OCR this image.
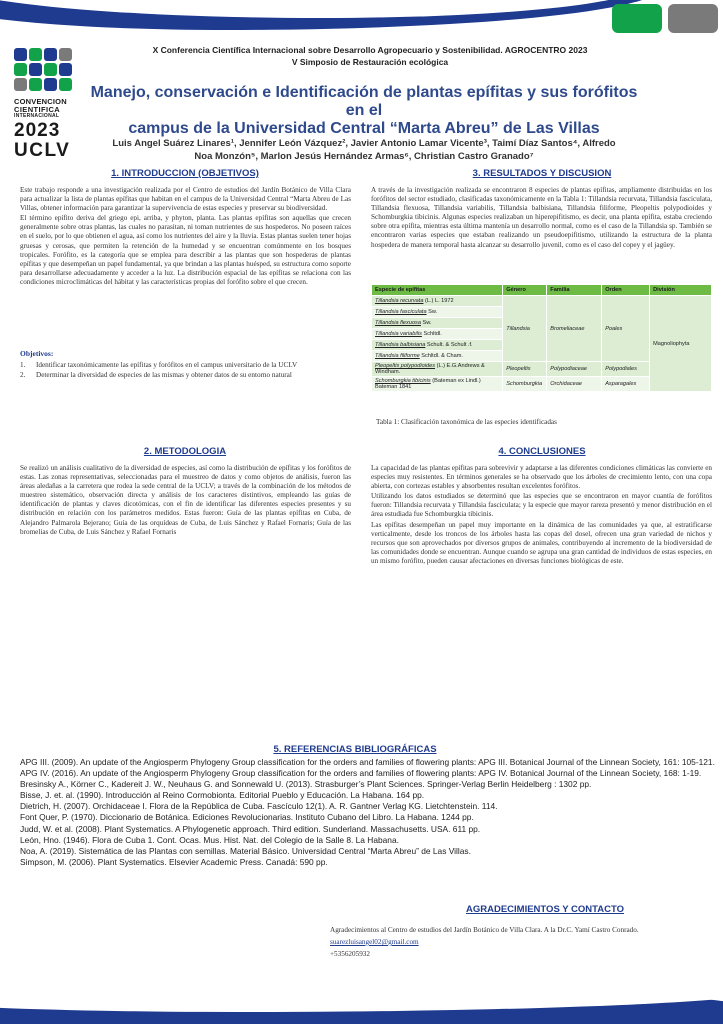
CONVENCION
CIENTIFICA
INTERNACIONAL
2023
UCLV
X Conferencia Científica Internacional sobre Desarrollo Agropecuario y Sostenibilidad. AGROCENTRO 2023
V Simposio de Restauración ecológica
Manejo, conservación e Identificación de plantas epífitas y sus forófitos en el
campus de la Universidad Central “Marta Abreu” de Las Villas
Luis Angel Suárez Linares¹, Jennifer León Vázquez², Javier Antonio Lamar Vicente³, Taimí Díaz Santos⁴, Alfredo
Noa Monzón⁵, Marlon Jesús Hernández Armas⁶, Christian Castro Granado⁷
1. INTRODUCCION (OBJETIVOS)

Este trabajo responde a una investigación realizada por el Centro de estudios del Jardín Botánico de Villa Clara para actualizar la lista de plantas epífitas que habitan en el campus de la Universidad Central “Marta Abreu de Las Villas, obtener información para garantizar la supervivencia de estas especies y preservar su biodiversidad.

El término epífito deriva del griego epi, arriba, y phyton, planta. Las plantas epífitas son aquellas que crecen generalmente sobre otras plantas, las cuales no parasitan, ni toman nutrientes de sus hospederos. No poseen raíces en el suelo, por lo que obtienen el agua, así como los nutrientes del aire y la lluvia. Estas plantas suelen tener hojas gruesas y cerosas, que permiten la retención de la humedad y se encuentran comúnmente en los bosques tropicales. Forófito, es la categoría que se emplea para describir a las plantas que son hospederas de plantas epífitas y que desempeñan un papel fundamental, ya que brindan a las plantas huésped, su estructura como soporte para desarrollarse adecuadamente y acceder a la luz. La distribución espacial de las epífitas se relaciona con las condiciones microclimáticas del hábitat y las características propias del forófito sobre el que crecen.

Objetivos:
1.	Identificar taxonómicamente las epífitas y forófitos en el campus universitario de la UCLV
2.	Determinar la diversidad de especies de las mismas y obtener datos de su entorno natural
3. RESULTADOS Y DISCUSION

A través de la investigación realizada se encontraron 8 especies de plantas epífitas, ampliamente distribuidas en los forófitos del sector estudiado, clasificadas taxonómicamente en la Tabla 1: Tillandsia recurvata, Tillandsia fasciculata, Tillandsia flexuosa, Tillandsia variabilis, Tillandsia balbisiana, Tillandsia filiforme, Pleopeltis polypodioides y Schomburgkia tibicinis. Algunas especies realizaban un hiperepifitismo, es decir, una planta epífita, estaba creciendo sobre otra epífita, mientras esta última mantenía un desarrollo normal, como es el caso de la Tillandsia sp. También se encontraron varias especies que estaban realizando un pseudoepifitismo, utilizando la estructura de la planta hospedera de manera temporal hasta alcanzar su desarrollo juvenil, como es el caso del copey y el jagüey.

Especie de epífitas	Género	Familia	Orden	División
Tillandsia recurvata (L.) L. 1972	Tillandsia	Bromeliaceae	Poales	Magnoliophyta
Tillandsia fasciculata Sw.				
Tillandsia flexuosa Sw.				
Tillandsia variabilis Schltdl.				
Tillandsia balbisiana Schult. & Schult .f.				
Tillandsia filiforme Schltdl. & Cham.				
Pleopeltis polypodioides (L.) E.G.Andrews & Windham.	Pleopeltis	Polypodiaceae	Polypodiales	
Schomburgkia tibicinis (Bateman ex Lindl.) Bateman 1841	Schomburgkia	Orchidaceae	Asparagales	
Tabla 1: Clasificación taxonómica de las especies identificadas
2. METODOLOGIA

Se realizó un análisis cualitativo de la diversidad de especies, así como la distribución de epífitas y los forófitos de estas. Las zonas representativas, seleccionadas para el muestreo de datos y como objetos de análisis, fueron las áreas aledañas a la carretera que rodea la sede central de la UCLV; a través de la combinación de los métodos de muestreo sistemático, observación directa y análisis de los caracteres distintivos, empleando las guías de identificación de plantas y claves dicotómicas, con el fin de identificar las diferentes especies presentes y su distribución en relación con los parámetros medidos. Estas fueron: Guía de las plantas epífitas en Cuba, de Alejandro Palmarola Bejerano; Guía de las orquídeas de Cuba, de Luis Sánchez y Rafael Fornaris; Guía de las bromelias de Cuba, de Luis Sánchez y Rafael Fornaris

4. CONCLUSIONES

La capacidad de las plantas epífitas para sobrevivir y adaptarse a las diferentes condiciones climáticas las convierte en especies muy resistentes. En términos generales se ha observado que los árboles de crecimiento lento, con una copa abierta, con cortezas estables y absorbentes resultan excelentes forófitos.

Utilizando los datos estudiados se determinó que las especies que se encontraron en mayor cuantía de forófitos fueron: Tillandsia recurvata y Tillandsia fasciculata; y la especie que mayor rareza presentó y menor distribución en el área estudiada fue Schomburgkia tibicinis.

Las epífitas desempeñan un papel muy importante en la dinámica de las comunidades ya que, al estratificarse verticalmente, desde los troncos de los árboles hasta las copas del dosel, ofrecen una gran variedad de nichos y recursos que son aprovechados por diversos grupos de animales, contribuyendo al incremento de la biodiversidad de las comunidades donde se encuentran. Aunque cuando se agrupa una gran cantidad de individuos de estas especies, en un mismo forófito, pueden causar afectaciones en diversas funciones biológicas de este.

5. REFERENCIAS BIBLIOGRÁFICAS
APG III. (2009). An update of the Angiosperm Phylogeny Group classification for the orders and families of flowering plants: APG III. Botanical Journal of the Linnean Society, 161: 105-121.
APG IV. (2016). An update of the Angiosperm Phylogeny Group classification for the orders and families of flowering plants: APG IV. Botanical Journal of the Linnean Society, 168: 1-19.
Bresinsky A., Körner C., Kadereit J. W., Neuhaus G. and Sonnewald U. (2013). Strasburger’s Plant Sciences. Springer-Verlag Berlin Heidelberg : 1302 pp.
Bisse, J. et. al. (1990). Introducción al Reino Cormobionta. Editorial Pueblo y Educación. La Habana. 164 pp.
Dietrich, H. (2007). Orchidaceae I. Flora de la República de Cuba. Fascículo 12(1). A. R. Gantner Verlag KG. Lietchtenstein. 114.
Font Quer, P. (1970). Diccionario de Botánica. Ediciones Revolucionarias. Instituto Cubano del Libro. La Habana. 1244 pp.
Judd, W. et al. (2008). Plant Systematics. A Phylogenetic approach. Third edition. Sunderland. Massachusetts. USA. 611 pp.
León, Hno. (1946). Flora de Cuba 1. Cont. Ocas. Mus. Hist. Nat. del Colegio de la Salle 8. La Habana.
Noa, A. (2019). Sistemática de las Plantas con semillas. Material Básico. Universidad Central “Marta Abreu” de Las Villas.
Simpson, M. (2006). Plant Systematics. Elsevier Academic Press. Canadá: 590 pp.
AGRADECIMIENTOS Y CONTACTO
Agradecimientos al Centro de estudios del Jardín Botánico de Villa Clara. A la Dr.C. Yamí Castro Conrado.
suarezluisangel02@gmail.com
+5356205932
